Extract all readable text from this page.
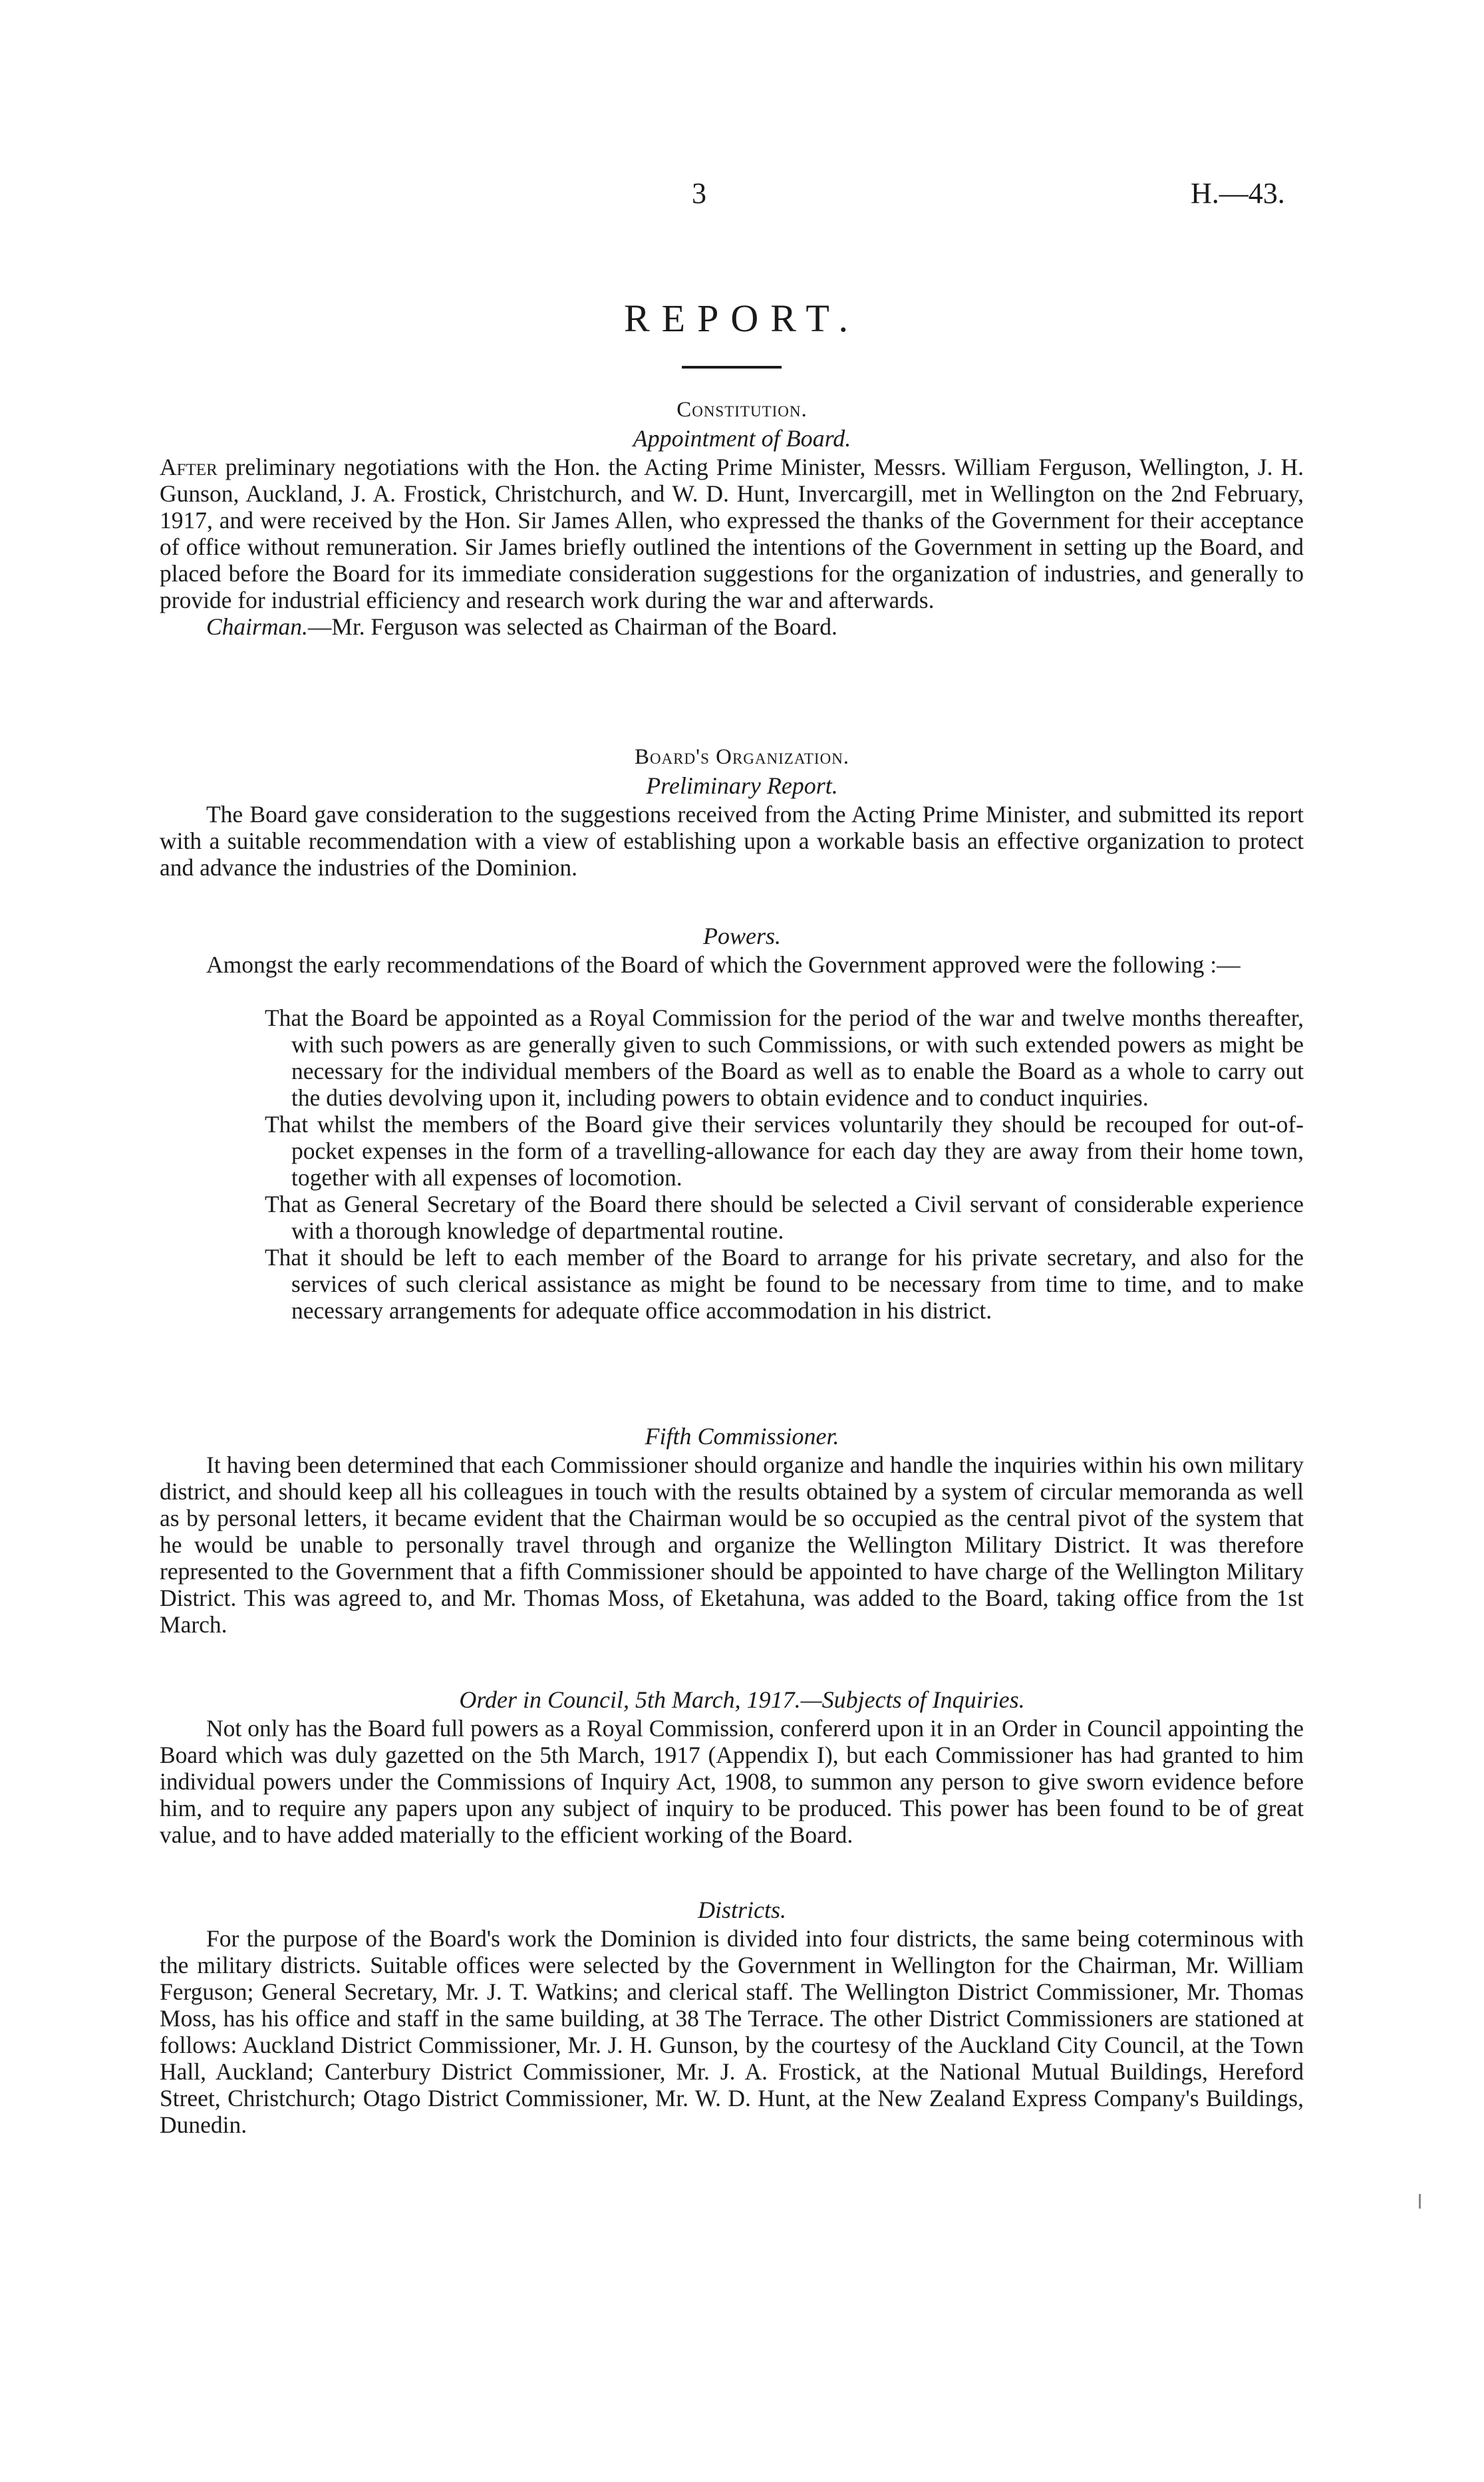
3	H.—43.
REPORT.
Constitution.
Appointment of Board.

After preliminary negotiations with the Hon. the Acting Prime Minister, Messrs. William Ferguson, Wellington, J. H. Gunson, Auckland, J. A. Frostick, Christchurch, and W. D. Hunt, Invercargill, met in Wellington on the 2nd February, 1917, and were received by the Hon. Sir James Allen, who expressed the thanks of the Government for their acceptance of office without remuneration. Sir James briefly outlined the intentions of the Government in setting up the Board, and placed before the Board for its immediate consideration suggestions for the organization of industries, and generally to provide for industrial efficiency and research work during the war and afterwards.

Chairman.—Mr. Ferguson was selected as Chairman of the Board.

Board's Organization.
Preliminary Report.

The Board gave consideration to the suggestions received from the Acting Prime Minister, and submitted its report with a suitable recommendation with a view of establishing upon a workable basis an effective organization to protect and advance the industries of the Dominion.

Powers.

Amongst the early recommendations of the Board of which the Government approved were the following :—

That the Board be appointed as a Royal Commission for the period of the war and twelve months thereafter, with such powers as are generally given to such Commissions, or with such extended powers as might be necessary for the individual members of the Board as well as to enable the Board as a whole to carry out the duties devolving upon it, including powers to obtain evidence and to conduct inquiries.

That whilst the members of the Board give their services voluntarily they should be recouped for out-of-pocket expenses in the form of a travelling-allowance for each day they are away from their home town, together with all expenses of locomotion.

That as General Secretary of the Board there should be selected a Civil servant of considerable experience with a thorough knowledge of departmental routine.

That it should be left to each member of the Board to arrange for his private secretary, and also for the services of such clerical assistance as might be found to be necessary from time to time, and to make necessary arrangements for adequate office accommodation in his district.

Fifth Commissioner.

It having been determined that each Commissioner should organize and handle the inquiries within his own military district, and should keep all his colleagues in touch with the results obtained by a system of circular memoranda as well as by personal letters, it became evident that the Chairman would be so occupied as the central pivot of the system that he would be unable to personally travel through and organize the Wellington Military District. It was therefore represented to the Government that a fifth Commissioner should be appointed to have charge of the Wellington Military District. This was agreed to, and Mr. Thomas Moss, of Eketahuna, was added to the Board, taking office from the 1st March.

Order in Council, 5th March, 1917.—Subjects of Inquiries.

Not only has the Board full powers as a Royal Commission, confererd upon it in an Order in Council appointing the Board which was duly gazetted on the 5th March, 1917 (Appendix I), but each Commissioner has had granted to him individual powers under the Commissions of Inquiry Act, 1908, to summon any person to give sworn evidence before him, and to require any papers upon any subject of inquiry to be produced. This power has been found to be of great value, and to have added materially to the efficient working of the Board.

Districts.

For the purpose of the Board's work the Dominion is divided into four districts, the same being coterminous with the military districts. Suitable offices were selected by the Government in Wellington for the Chairman, Mr. William Ferguson; General Secretary, Mr. J. T. Watkins; and clerical staff. The Wellington District Commissioner, Mr. Thomas Moss, has his office and staff in the same building, at 38 The Terrace. The other District Commissioners are stationed at follows: Auckland District Commissioner, Mr. J. H. Gunson, by the courtesy of the Auckland City Council, at the Town Hall, Auckland; Canterbury District Commissioner, Mr. J. A. Frostick, at the National Mutual Buildings, Hereford Street, Christchurch; Otago District Commissioner, Mr. W. D. Hunt, at the New Zealand Express Company's Buildings, Dunedin.
